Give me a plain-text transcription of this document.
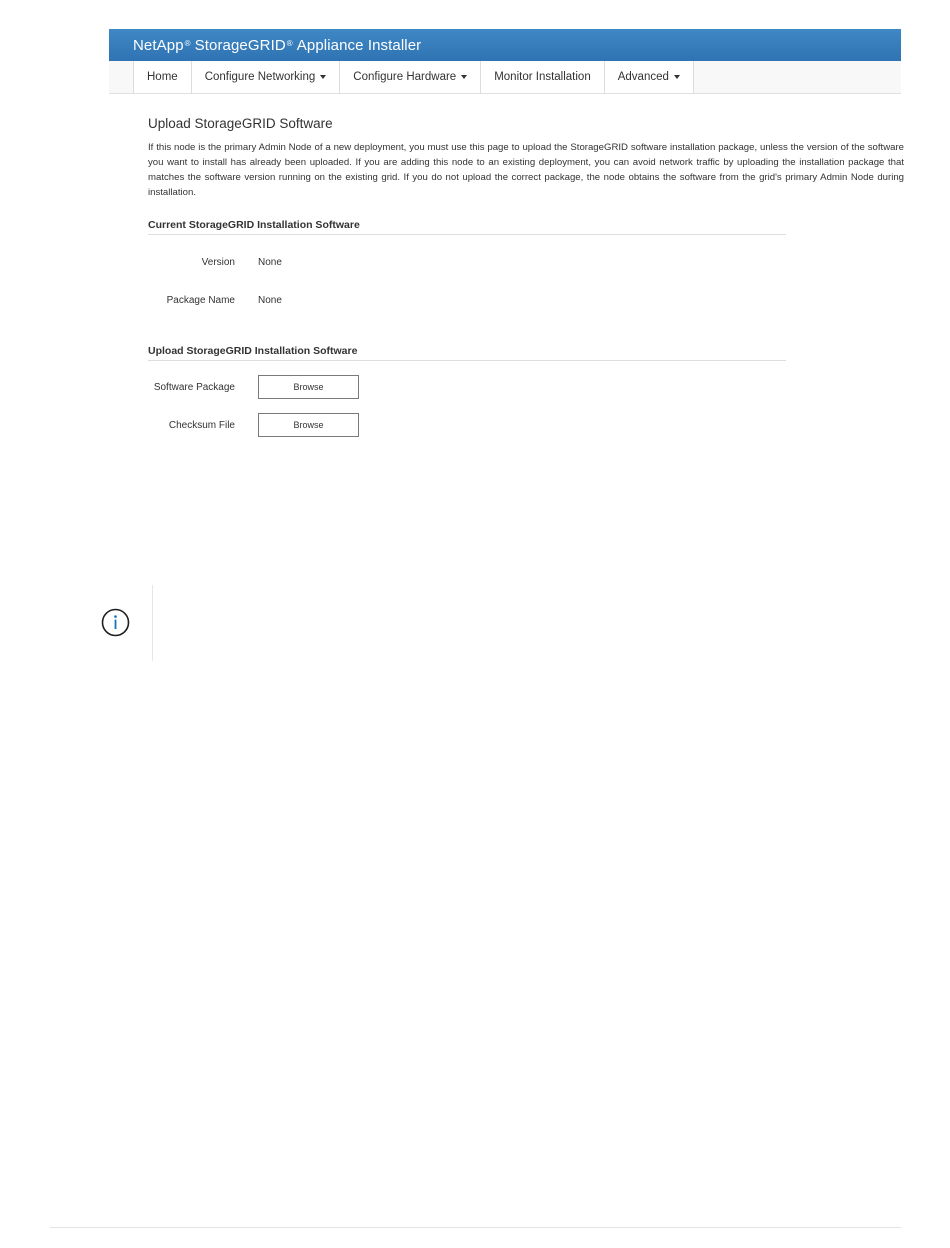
NetApp® StorageGRID® Appliance Installer
Home Configure Networking	Configure Hardware	Monitor Installation Advanced
Upload StorageGRID Software

If this node is the primary Admin Node of a new deployment, you must use this page to upload the StorageGRID software installation package, unless the version of the software you want to install has already been uploaded. If you are adding this node to an existing deployment, you can avoid network traffic by uploading the installation package that matches the software version running on the existing grid. If you do not upload the correct package, the node obtains the software from the grid's primary Admin Node during installation.

Current StorageGRID Installation Software
Version None
Package Name None
Upload StorageGRID Installation Software
Software Package	Browse
Checksum File	Browse
